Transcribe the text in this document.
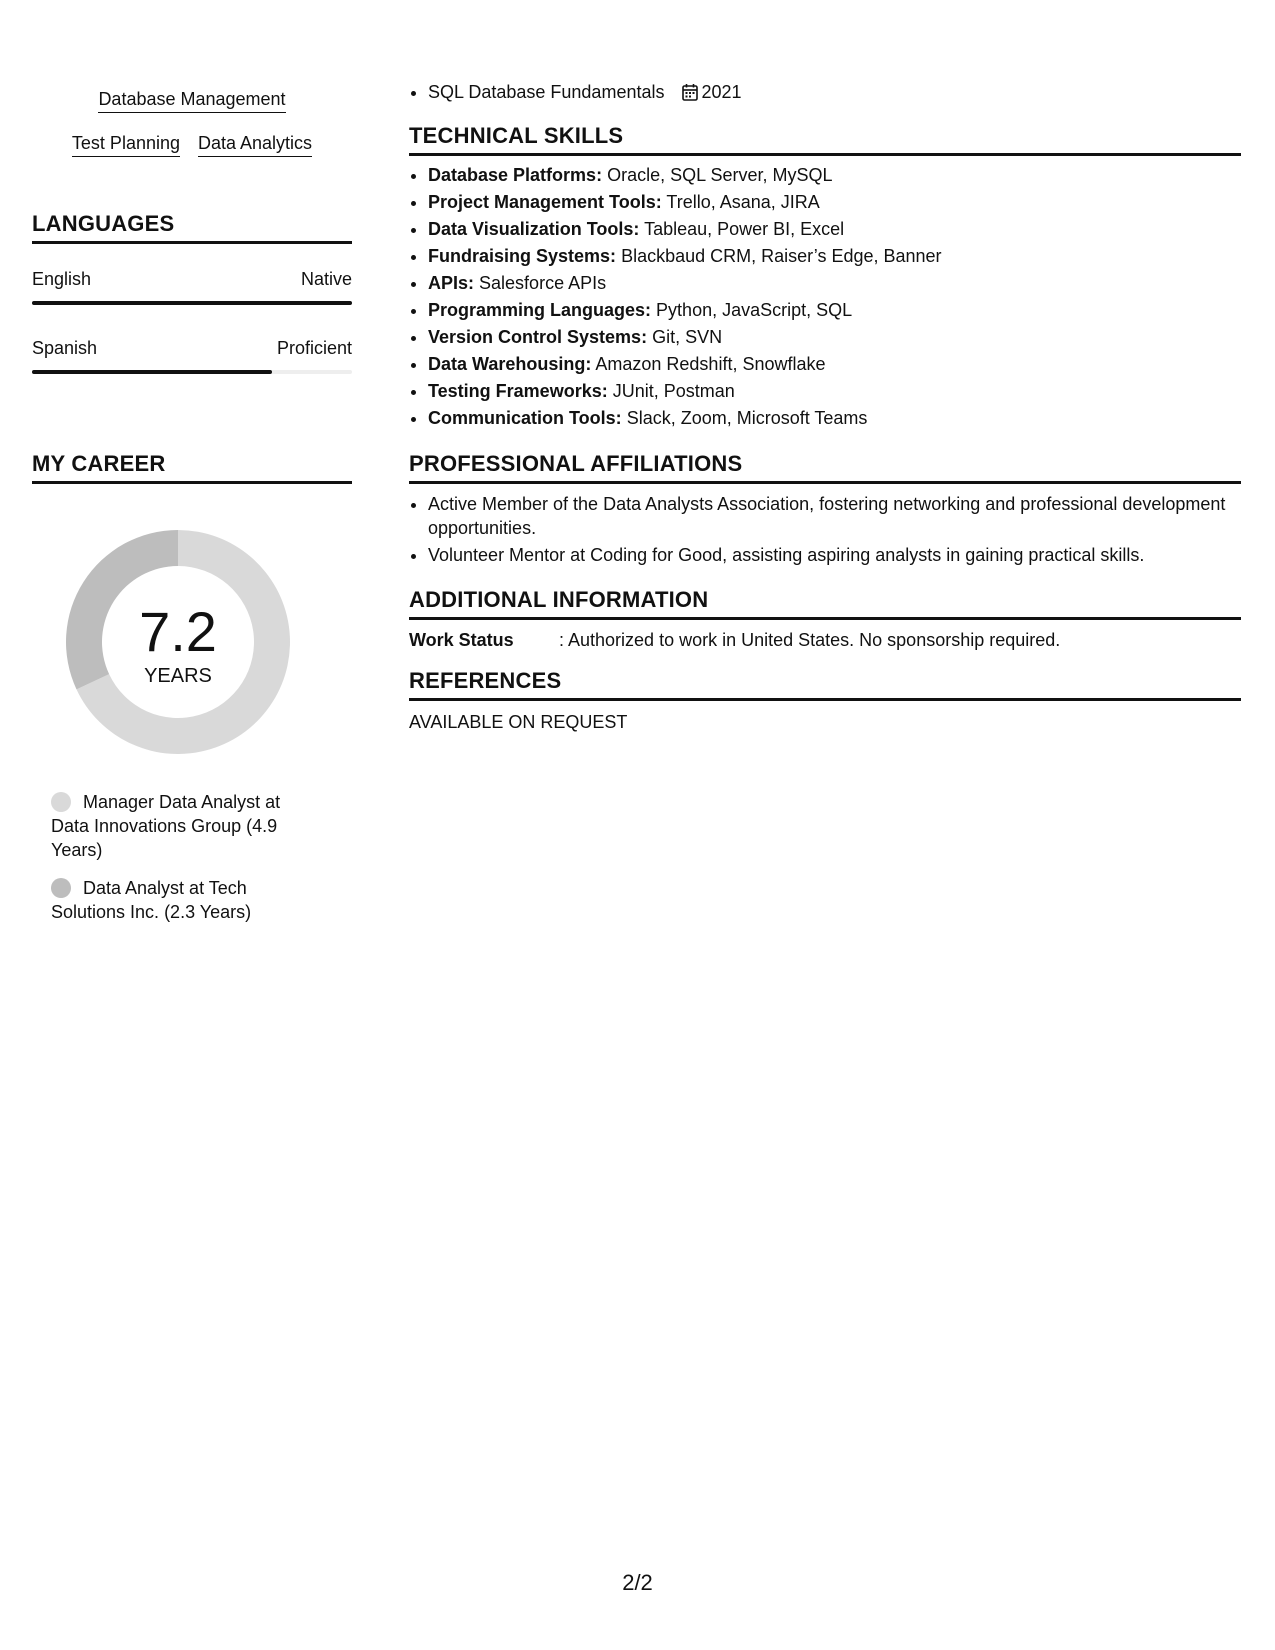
Database Management
Test Planning Data Analytics
LANGUAGES
English	Native
Spanish	Proficient
MY CAREER
7.2
YEARS
Manager Data Analyst at Data Innovations Group (4.9 Years)
Data Analyst at Tech Solutions Inc. (2.3 Years)
• SQL Database Fundamentals 2021
TECHNICAL SKILLS
• Database Platforms: Oracle, SQL Server, MySQL
• Project Management Tools: Trello, Asana, JIRA
• Data Visualization Tools: Tableau, Power BI, Excel
• Fundraising Systems: Blackbaud CRM, Raiser’s Edge, Banner
• APIs: Salesforce APIs
• Programming Languages: Python, JavaScript, SQL
• Version Control Systems: Git, SVN
• Data Warehousing: Amazon Redshift, Snowflake
• Testing Frameworks: JUnit, Postman
• Communication Tools: Slack, Zoom, Microsoft Teams
PROFESSIONAL AFFILIATIONS
• Active Member of the Data Analysts Association, fostering networking and professional development opportunities.
• Volunteer Mentor at Coding for Good, assisting aspiring analysts in gaining practical skills.
ADDITIONAL INFORMATION
Work Status	: Authorized to work in United States. No sponsorship required.
REFERENCES
AVAILABLE ON REQUEST
2/2
